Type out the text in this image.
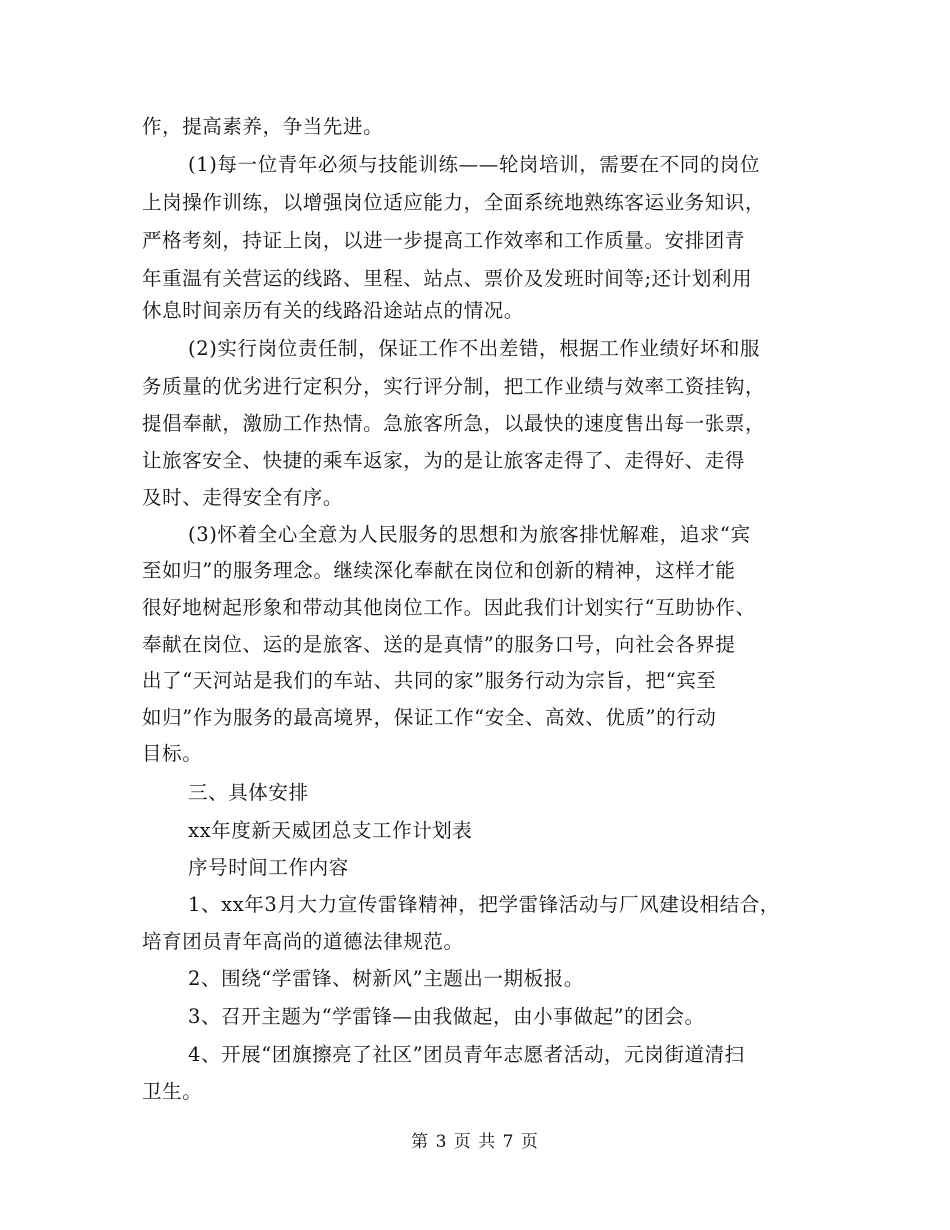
作，提高素养，争当先进。
(1)每一位青年必须与技能训练——轮岗培训，需要在不同的岗位
上岗操作训练，以增强岗位适应能力，全面系统地熟练客运业务知识，
严格考刻，持证上岗，以进一步提高工作效率和工作质量。安排团青
年重温有关营运的线路、里程、站点、票价及发班时间等;还计划利用
休息时间亲历有关的线路沿途站点的情况。
(2)实行岗位责任制，保证工作不出差错，根据工作业绩好坏和服
务质量的优劣进行定积分，实行评分制，把工作业绩与效率工资挂钩，
提倡奉献，激励工作热情。急旅客所急，以最快的速度售出每一张票，
让旅客安全、快捷的乘车返家，为的是让旅客走得了、走得好、走得
及时、走得安全有序。
(3)怀着全心全意为人民服务的思想和为旅客排忧解难，追求“宾
至如归”的服务理念。继续深化奉献在岗位和创新的精神，这样才能
很好地树起形象和带动其他岗位工作。因此我们计划实行“互助协作、
奉献在岗位、运的是旅客、送的是真情”的服务口号，向社会各界提
出了“天河站是我们的车站、共同的家”服务行动为宗旨，把“宾至
如归”作为服务的最高境界，保证工作“安全、高效、优质”的行动
目标。
三、具体安排
xx年度新天威团总支工作计划表
序号时间工作内容
1、xx年3月大力宣传雷锋精神，把学雷锋活动与厂风建设相结合，
培育团员青年高尚的道德法律规范。
2、围绕“学雷锋、树新风”主题出一期板报。
3、召开主题为“学雷锋—由我做起，由小事做起”的团会。
4、开展“团旗擦亮了社区”团员青年志愿者活动，元岗街道清扫
卫生。
第 3 页 共 7 页
